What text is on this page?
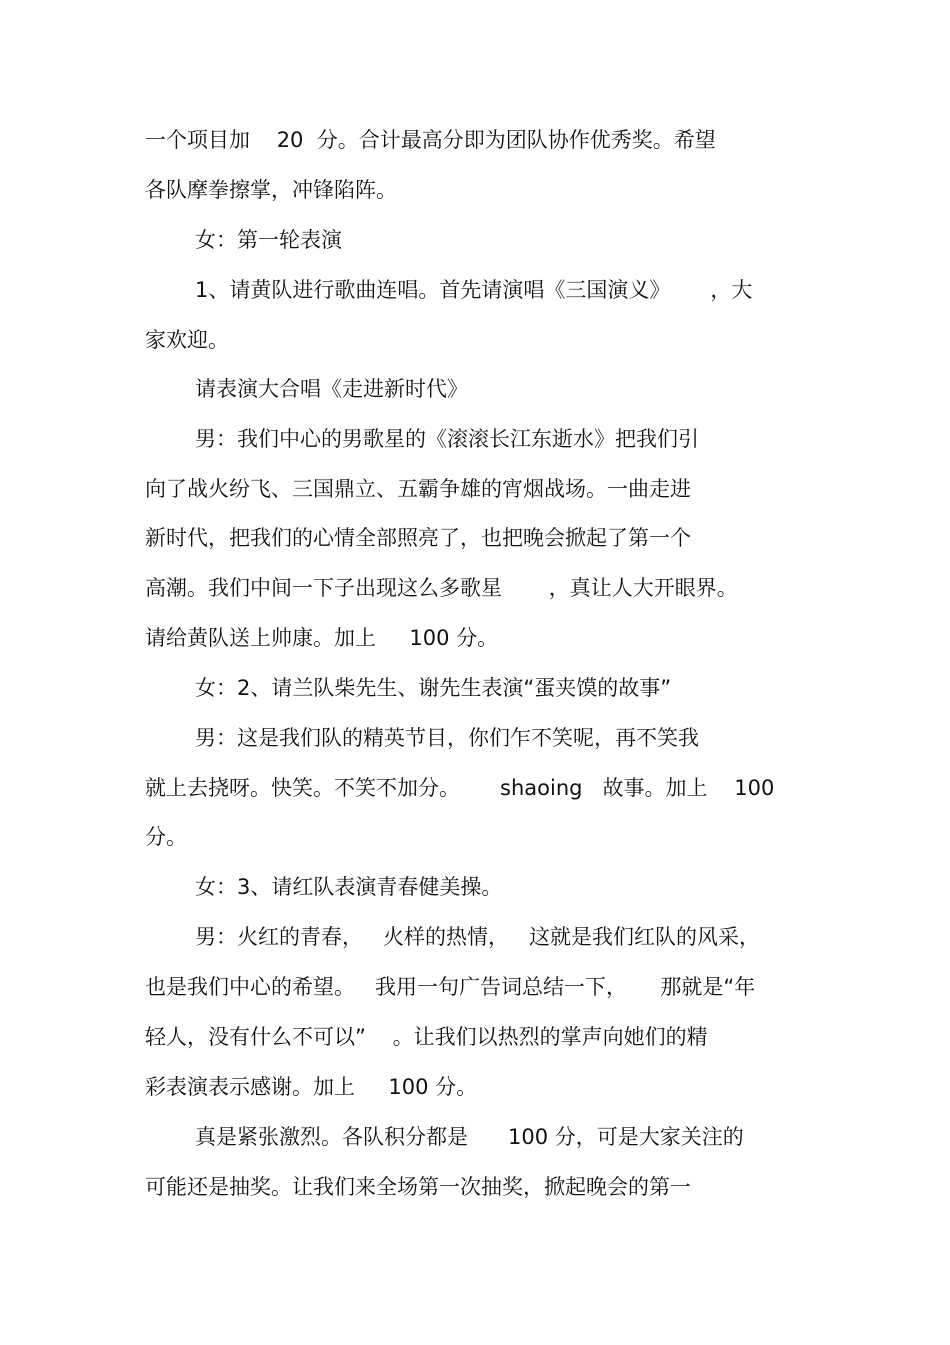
一个项目加    20  分。合计最高分即为团队协作优秀奖。希望
各队摩拳擦掌，冲锋陷阵。
女：第一轮表演
1、请黄队进行歌曲连唱。首先请演唱《三国演义》      ，大
家欢迎。
请表演大合唱《走进新时代》
男：我们中心的男歌星的《滚滚长江东逝水》把我们引
向了战火纷飞、三国鼎立、五霸争雄的宵烟战场。一曲走进
新时代，把我们的心情全部照亮了，也把晚会掀起了第一个
高潮。我们中间一下子出现这么多歌星       ，真让人大开眼界。
请给黄队送上帅康。加上     100 分。
女：2、请兰队柴先生、谢先生表演“蛋夹馍的故事”
男：这是我们队的精英节目，你们乍不笑呢，再不笑我
就上去挠呀。快笑。不笑不加分。      shaoing   故事。加上    100
分。
女：3、请红队表演青春健美操。
男：火红的青春，   火样的热情，   这就是我们红队的风采，
也是我们中心的希望。   我用一句广告词总结一下，     那就是“年
轻人，没有什么不可以”    。让我们以热烈的掌声向她们的精
彩表演表示感谢。加上     100 分。
真是紧张激烈。各队积分都是      100 分，可是大家关注的
可能还是抽奖。让我们来全场第一次抽奖，掀起晚会的第一
